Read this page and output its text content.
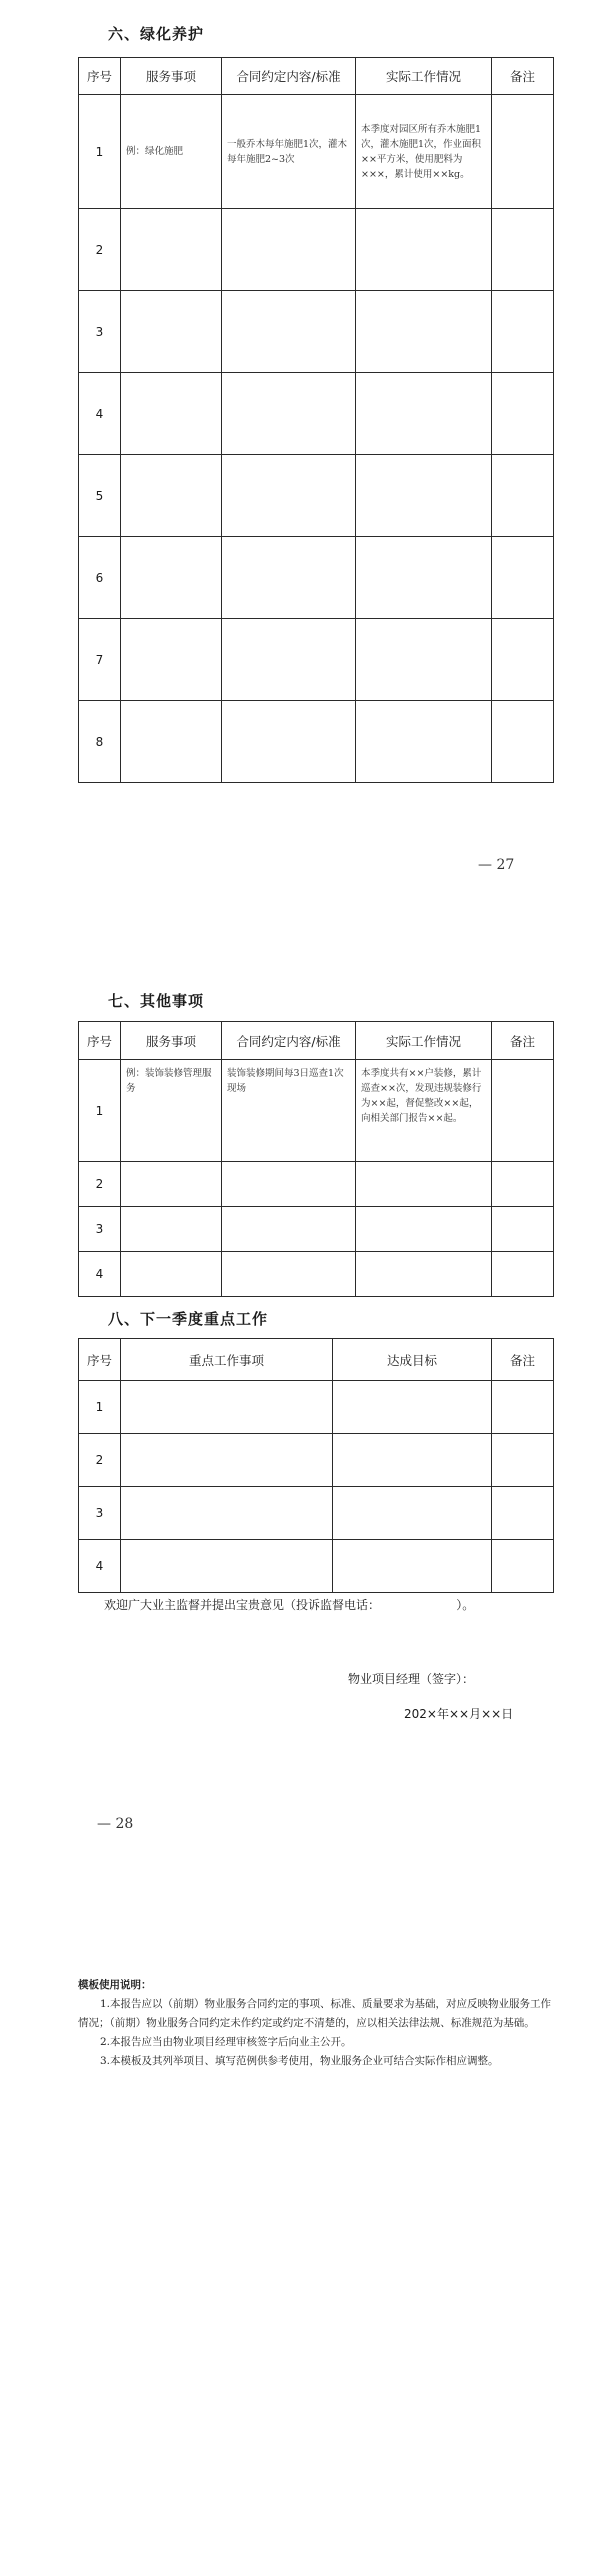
六、绿化养护
序号	服务事项	合同约定内容/标准	实际工作情况	备注
1	例：绿化施肥	一般乔木每年施肥1次，灌木每年施肥2~3次	本季度对园区所有乔木施肥1次，灌木施肥1次，作业面积××平方米，使用肥料为×××，累计使用××kg。	
2				
3				
4				
5				
6				
7				
8				
— 27
七、其他事项
序号	服务事项	合同约定内容/标准	实际工作情况	备注
1	例：装饰装修管理服务	装饰装修期间每3日巡查1次现场	本季度共有××户装修，累计巡查××次，发现违规装修行为××起，督促整改××起，向相关部门报告××起。	
2				
3				
4				
八、下一季度重点工作
序号	重点工作事项	达成目标	备注
1			
2			
3			
4			
欢迎广大业主监督并提出宝贵意见（投诉监督电话：                    ）。
物业项目经理（签字）：
202×年××月××日
— 28
模板使用说明：
1.本报告应以（前期）物业服务合同约定的事项、标准、质量要求为基础，对应反映物业服务工作情况；（前期）物业服务合同约定未作约定或约定不清楚的，应以相关法律法规、标准规范为基础。
2.本报告应当由物业项目经理审核签字后向业主公开。
3.本模板及其列举项目、填写范例供参考使用，物业服务企业可结合实际作相应调整。
